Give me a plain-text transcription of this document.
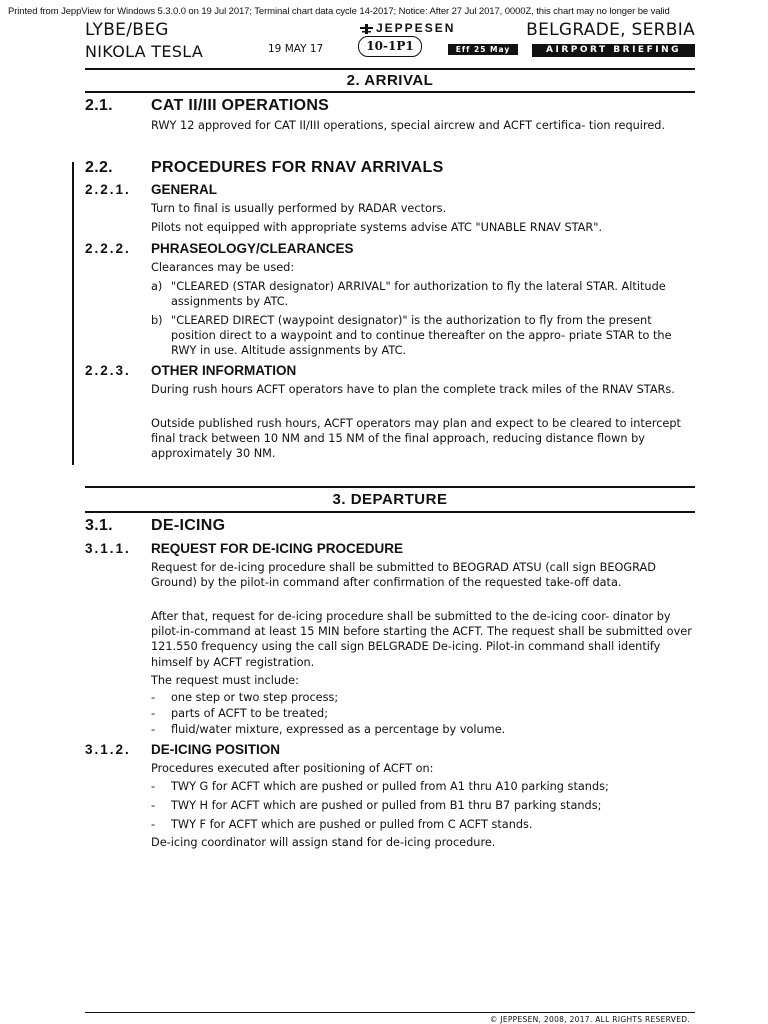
Printed from JeppView for Windows 5.3.0.0 on 19 Jul 2017; Terminal chart data cycle 14-2017; Notice: After 27 Jul 2017, 0000Z, this chart may no longer be valid
LYBE/BEG
NIKOLA TESLA
JEPPESEN
19 MAY 17	10-1P1	Eff 25 May
BELGRADE, SERBIA
AIRPORT BRIEFING
2. ARRIVAL
2.1. CAT II/III OPERATIONS
RWY 12 approved for CAT II/III operations, special aircrew and ACFT certifica- tion required.
2.2. PROCEDURES FOR RNAV ARRIVALS
2.2.1. GENERAL
Turn to final is usually performed by RADAR vectors.
Pilots not equipped with appropriate systems advise ATC "UNABLE RNAV STAR".
2.2.2. PHRASEOLOGY/CLEARANCES
Clearances may be used:
a) "CLEARED (STAR designator) ARRIVAL" for authorization to fly the lateral STAR. Altitude assignments by ATC.
b) "CLEARED DIRECT (waypoint designator)" is the authorization to fly from the present position direct to a waypoint and to continue thereafter on the appro- priate STAR to the RWY in use. Altitude assignments by ATC.
2.2.3. OTHER INFORMATION
During rush hours ACFT operators have to plan the complete track miles of the RNAV STARs.
Outside published rush hours, ACFT operators may plan and expect to be cleared to intercept final track between 10 NM and 15 NM of the final approach, reducing distance flown by approximately 30 NM.
3. DEPARTURE
3.1. DE-ICING
3.1.1. REQUEST FOR DE-ICING PROCEDURE
Request for de-icing procedure shall be submitted to BEOGRAD ATSU (call sign BEOGRAD Ground) by the pilot-in command after confirmation of the requested take-off data.
After that, request for de-icing procedure shall be submitted to the de-icing coor- dinator by pilot-in-command at least 15 MIN before starting the ACFT. The request shall be submitted over 121.550 frequency using the call sign BELGRADE De-icing. Pilot-in command shall identify himself by ACFT registration.
The request must include:
- one step or two step process;
- parts of ACFT to be treated;
- fluid/water mixture, expressed as a percentage by volume.
3.1.2. DE-ICING POSITION
Procedures executed after positioning of ACFT on:
- TWY G for ACFT which are pushed or pulled from A1 thru A10 parking stands;
- TWY H for ACFT which are pushed or pulled from B1 thru B7 parking stands;
- TWY F for ACFT which are pushed or pulled from C ACFT stands.
De-icing coordinator will assign stand for de-icing procedure.
© JEPPESEN, 2008, 2017. ALL RIGHTS RESERVED.
